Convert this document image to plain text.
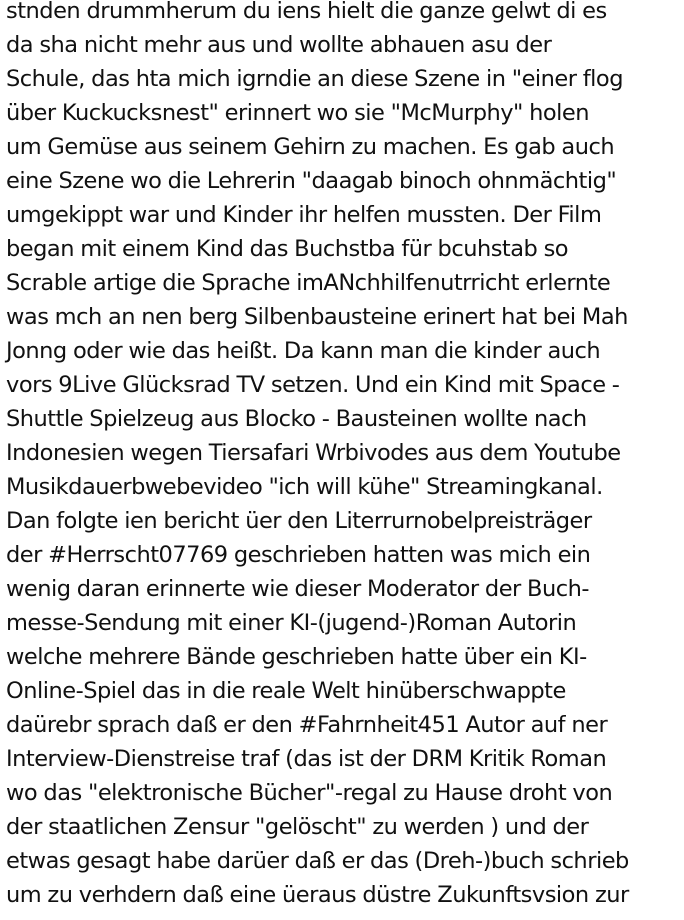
stnden drummherum du iens hielt die ganze gelwt di es
da sha nicht mehr aus und wollte abhauen asu der
Schule, das hta mich igrndie an diese Szene in "einer flog
über Kuckucksnest" erinnert wo sie "McMurphy" holen
um Gemüse aus seinem Gehirn zu machen. Es gab auch
eine Szene wo die Lehrerin "daagab binoch ohnmächtig"
umgekippt war und Kinder ihr helfen mussten. Der Film
began mit einem Kind das Buchstba für bcuhstab so
Scrable artige die Sprache imANchhilfenutrricht erlernte
was mch an nen berg Silbenbausteine erinert hat bei Mah
Jonng oder wie das heißt. Da kann man die kinder auch
vors 9Live Glücksrad TV setzen. Und ein Kind mit Space -
Shuttle Spielzeug aus Blocko - Bausteinen wollte nach
Indonesien wegen Tiersafari Wrbivodes aus dem Youtube
Musikdauerbwebevideo "ich will kühe" Streamingkanal.
Dan folgte ien bericht üer den Literrurnobelpreisträger
der #Herrscht07769 geschrieben hatten was mich ein
wenig daran erinnerte wie dieser Moderator der Buch-
messe-Sendung mit einer KI-(jugend-)Roman Autorin
welche mehrere Bände geschrieben hatte über ein KI-
Online-Spiel das in die reale Welt hinüberschwappte
daürebr sprach daß er den #Fahrnheit451 Autor auf ner
Interview-Dienstreise traf (das ist der DRM Kritik Roman
wo das "elektronische Bücher"-regal zu Hause droht von
der staatlichen Zensur "gelöscht" zu werden ) und der
etwas gesagt habe darüer daß er das (Dreh-)buch schrieb
um zu verhdern daß eine üeraus düstre Zukunftsvsion zur
